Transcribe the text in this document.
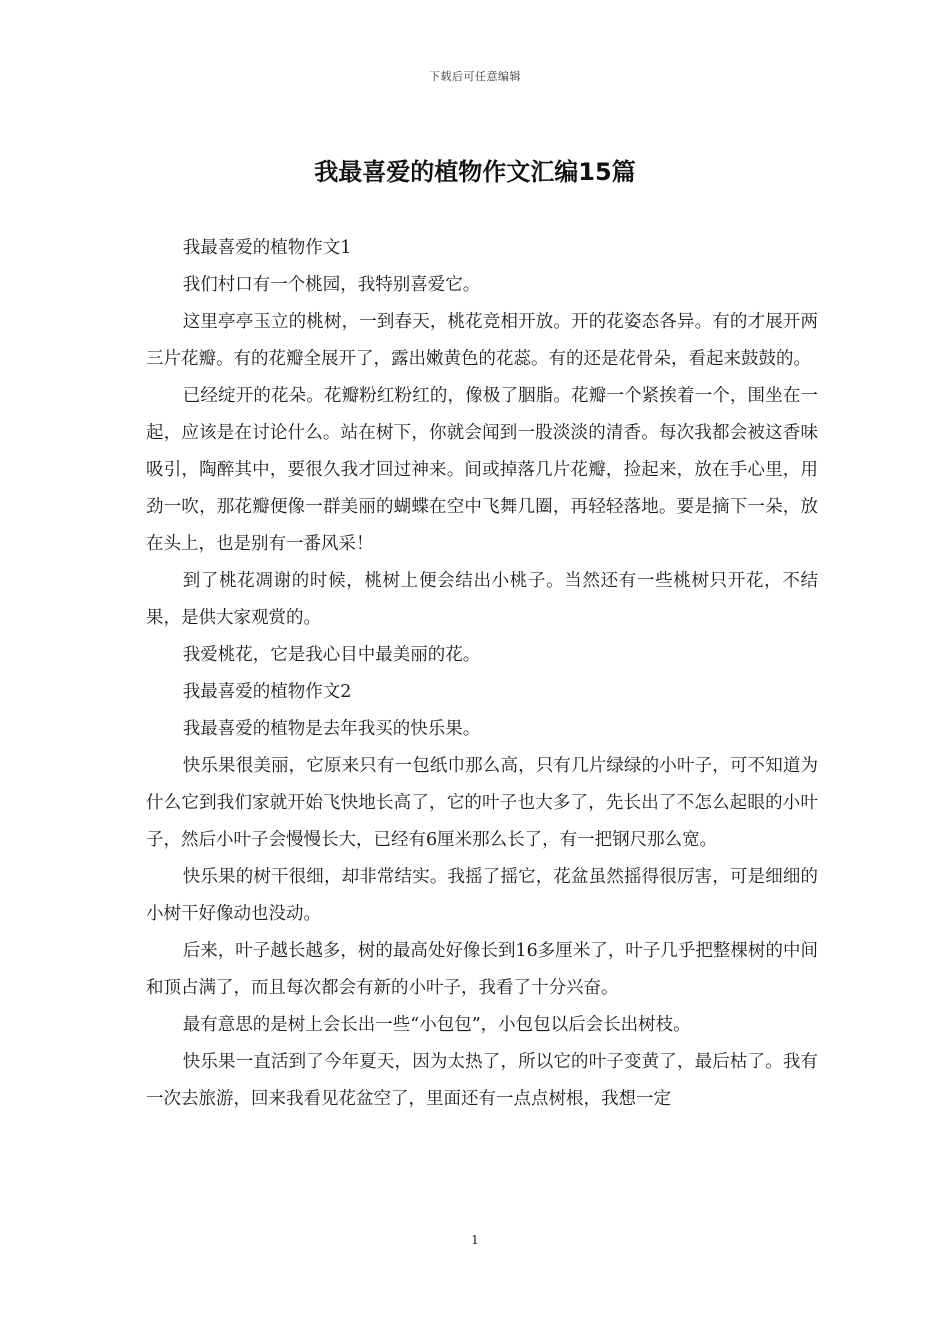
下载后可任意编辑
我最喜爱的植物作文汇编15篇

我最喜爱的植物作文1

我们村口有一个桃园，我特别喜爱它。

这里亭亭玉立的桃树，一到春天，桃花竞相开放。开的花姿态各异。有的才展开两三片花瓣。有的花瓣全展开了，露出嫩黄色的花蕊。有的还是花骨朵，看起来鼓鼓的。

已经绽开的花朵。花瓣粉红粉红的，像极了胭脂。花瓣一个紧挨着一个，围坐在一起，应该是在讨论什么。站在树下，你就会闻到一股淡淡的清香。每次我都会被这香味吸引，陶醉其中，要很久我才回过神来。间或掉落几片花瓣，捡起来，放在手心里，用劲一吹，那花瓣便像一群美丽的蝴蝶在空中飞舞几圈，再轻轻落地。要是摘下一朵，放在头上，也是别有一番风采！

到了桃花凋谢的时候，桃树上便会结出小桃子。当然还有一些桃树只开花，不结果，是供大家观赏的。

我爱桃花，它是我心目中最美丽的花。

我最喜爱的植物作文2

我最喜爱的植物是去年我买的快乐果。

快乐果很美丽，它原来只有一包纸巾那么高，只有几片绿绿的小叶子，可不知道为什么它到我们家就开始飞快地长高了，它的叶子也大多了，先长出了不怎么起眼的小叶子，然后小叶子会慢慢长大，已经有6厘米那么长了，有一把钢尺那么宽。

快乐果的树干很细，却非常结实。我摇了摇它，花盆虽然摇得很厉害，可是细细的小树干好像动也没动。

后来，叶子越长越多，树的最高处好像长到16多厘米了，叶子几乎把整棵树的中间和顶占满了，而且每次都会有新的小叶子，我看了十分兴奋。

最有意思的是树上会长出一些“小包包”，小包包以后会长出树枝。

快乐果一直活到了今年夏天，因为太热了，所以它的叶子变黄了，最后枯了。我有一次去旅游，回来我看见花盆空了，里面还有一点点树根，我想一定

1
